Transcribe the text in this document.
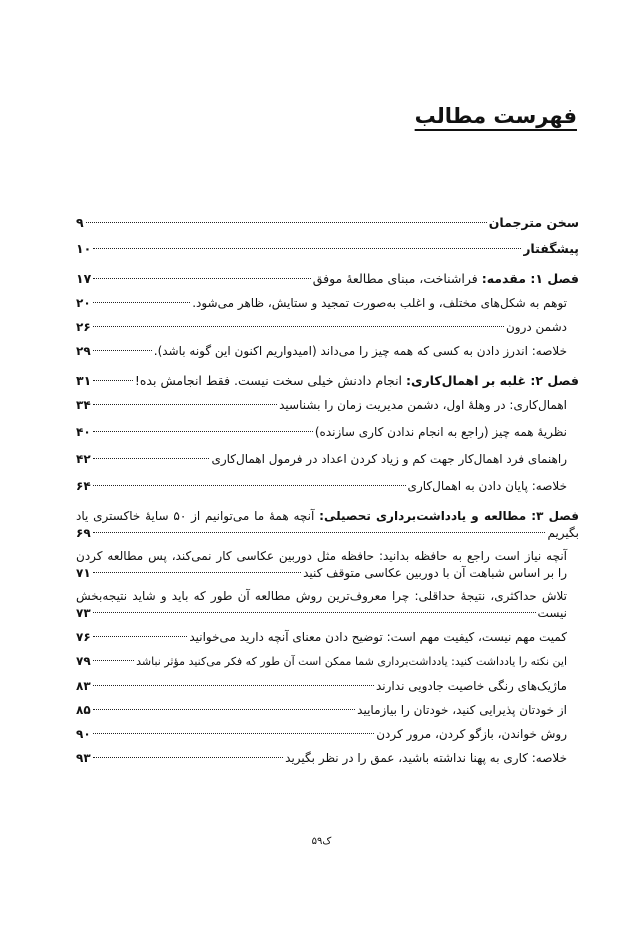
فهرست مطالب
سخن مترجمان
۹
پیشگفتار
۱۰
فصل ۱: مقدمه: فراشناخت، مبنای مطالعهٔ موفق
۱۷
توهم به شکل‌های مختلف، و اغلب به‌صورت تمجید و ستایش، ظاهر می‌شود.
۲۰
دشمن درون
۲۶
خلاصه: اندرز دادن به کسی که همه چیز را می‌داند (امیدواریم اکنون این گونه باشد).
۲۹
فصل ۲: غلبه بر اهمال‌کاری: انجام دادنش خیلی سخت نیست. فقط انجامش بده!
۳۱
اهمال‌کاری: در وهلهٔ اول، دشمن مدیریت زمان را بشناسید
۳۴
نظریهٔ همه چیز (راجع به انجام ندادن کاری سازنده)
۴۰
راهنمای فرد اهمال‌کار جهت کم و زیاد کردن اعداد در فرمول اهمال‌کاری
۴۲
خلاصه: پایان دادن به اهمال‌کاری
۶۴
فصل ۳: مطالعه و یادداشت‌برداری تحصیلی: آنچه همهٔ ما می‌توانیم از ۵۰ سایهٔ خاکستری یاد
بگیریم
۶۹
آنچه نیاز است راجع به حافظه بدانید: حافظه مثل دوربین عکاسی کار نمی‌کند، پس مطالعه کردن
را بر اساس شباهت آن با دوربین عکاسی متوقف کنید
۷۱
تلاش حداکثری، نتیجهٔ حداقلی: چرا معروف‌ترین روش مطالعه آن طور که باید و شاید نتیجه‌بخش
نیست
۷۳
کمیت مهم نیست، کیفیت مهم است: توضیح دادن معنای آنچه دارید می‌خوانید
۷۶
این نکته را یادداشت کنید: یادداشت‌برداری شما ممکن است آن طور که فکر می‌کنید مؤثر نباشد
۷۹
ماژیک‌های رنگی خاصیت جادویی ندارند
۸۳
از خودتان پذیرایی کنید، خودتان را بیازمایید
۸۵
روش خواندن، بازگو کردن، مرور کردن
۹۰
خلاصه: کاری به پهنا نداشته باشید، عمق را در نظر بگیرید
۹۳
ک۵۹
